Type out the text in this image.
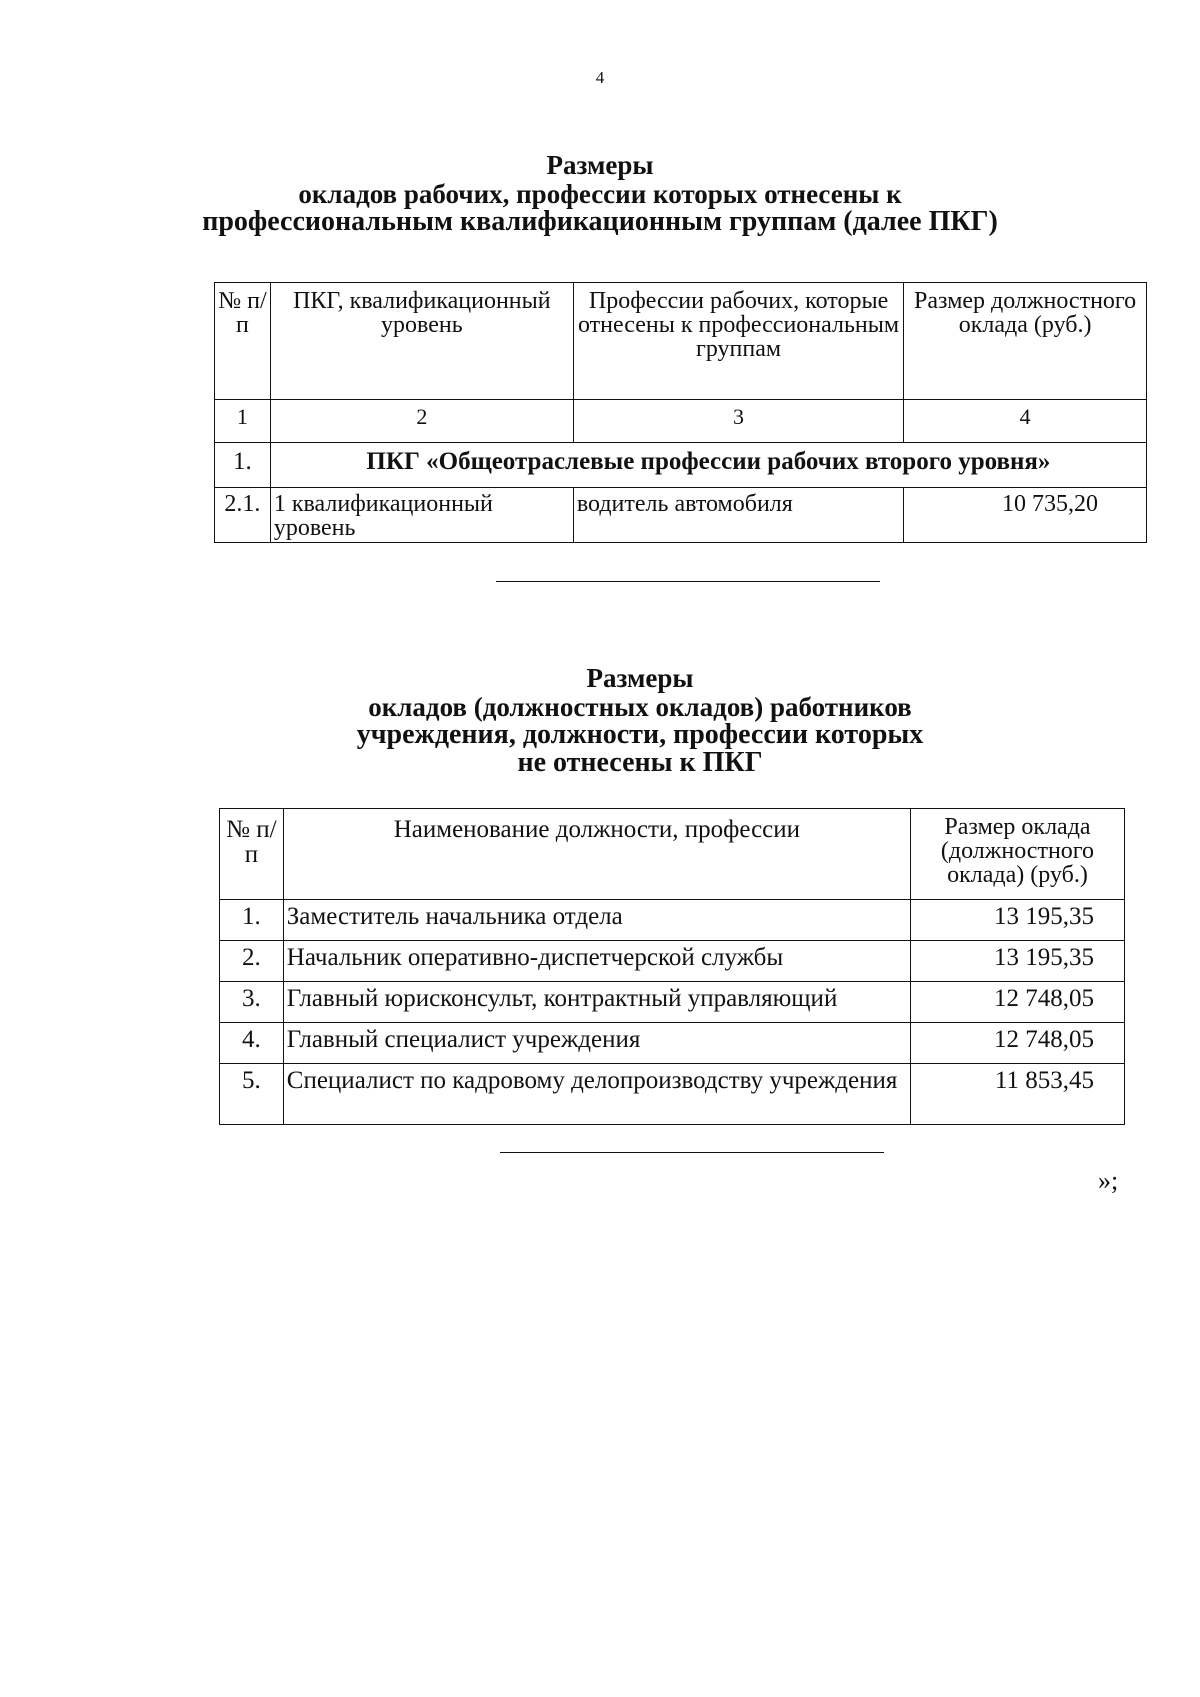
4
Размеры
окладов рабочих, профессии которых отнесены к
профессиональным квалификационным группам (далее ПКГ)
№ п/п	ПКГ, квалификационный уровень	Профессии рабочих, которые отнесены к профессиональным группам	Размер должностного оклада (руб.)
1	2	3	4
1.	ПКГ «Общеотраслевые профессии рабочих второго уровня»		
2.1.	1 квалификационный уровень	водитель автомобиля	10 735,20
Размеры
окладов (должностных окладов) работников
учреждения, должности, профессии которых
не отнесены к ПКГ
№ п/п	Наименование должности, профессии	Размер оклада (должностного оклада) (руб.)
1.	Заместитель начальника отдела	13 195,35
2.	Начальник оперативно-диспетчерской службы	13 195,35
3.	Главный юрисконсульт, контрактный управляющий	12 748,05
4.	Главный специалист учреждения	12 748,05
5.	Специалист по кадровому делопроизводству учреждения	11 853,45
»;
